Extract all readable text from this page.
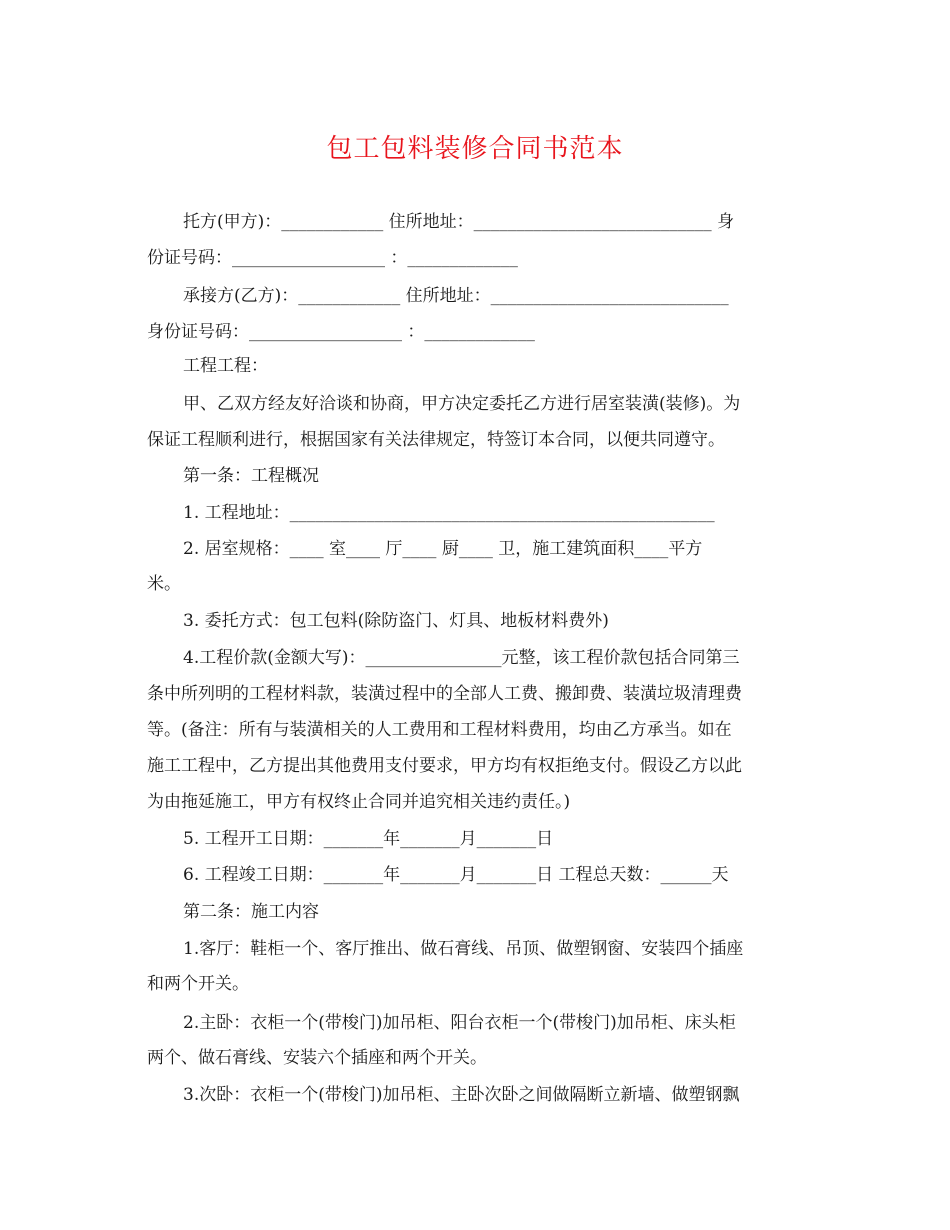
包工包料装修合同书范本
托方(甲方)：____________ 住所地址：____________________________ 身
份证号码：__________________ ：_____________
承接方(乙方)：____________ 住所地址：____________________________
身份证号码：__________________ ：_____________
工程工程：
甲、乙双方经友好洽谈和协商，甲方决定委托乙方进行居室装潢(装修)。为
保证工程顺利进行，根据国家有关法律规定，特签订本合同，以便共同遵守。
第一条：工程概况
1. 工程地址：__________________________________________________
2. 居室规格：____ 室____ 厅____ 厨____ 卫，施工建筑面积____平方
米。
3. 委托方式：包工包料(除防盗门、灯具、地板材料费外)
4.工程价款(金额大写)：________________元整，该工程价款包括合同第三
条中所列明的工程材料款，装潢过程中的全部人工费、搬卸费、装潢垃圾清理费
等。(备注：所有与装潢相关的人工费用和工程材料费用，均由乙方承当。如在
施工工程中，乙方提出其他费用支付要求，甲方均有权拒绝支付。假设乙方以此
为由拖延施工，甲方有权终止合同并追究相关违约责任。)
5. 工程开工日期：_______年_______月_______日
6. 工程竣工日期：_______年_______月_______日 工程总天数：______天
第二条：施工内容
1.客厅：鞋柜一个、客厅推出、做石膏线、吊顶、做塑钢窗、安装四个插座
和两个开关。
2.主卧：衣柜一个(带梭门)加吊柜、阳台衣柜一个(带梭门)加吊柜、床头柜
两个、做石膏线、安装六个插座和两个开关。
3.次卧：衣柜一个(带梭门)加吊柜、主卧次卧之间做隔断立新墙、做塑钢飘
